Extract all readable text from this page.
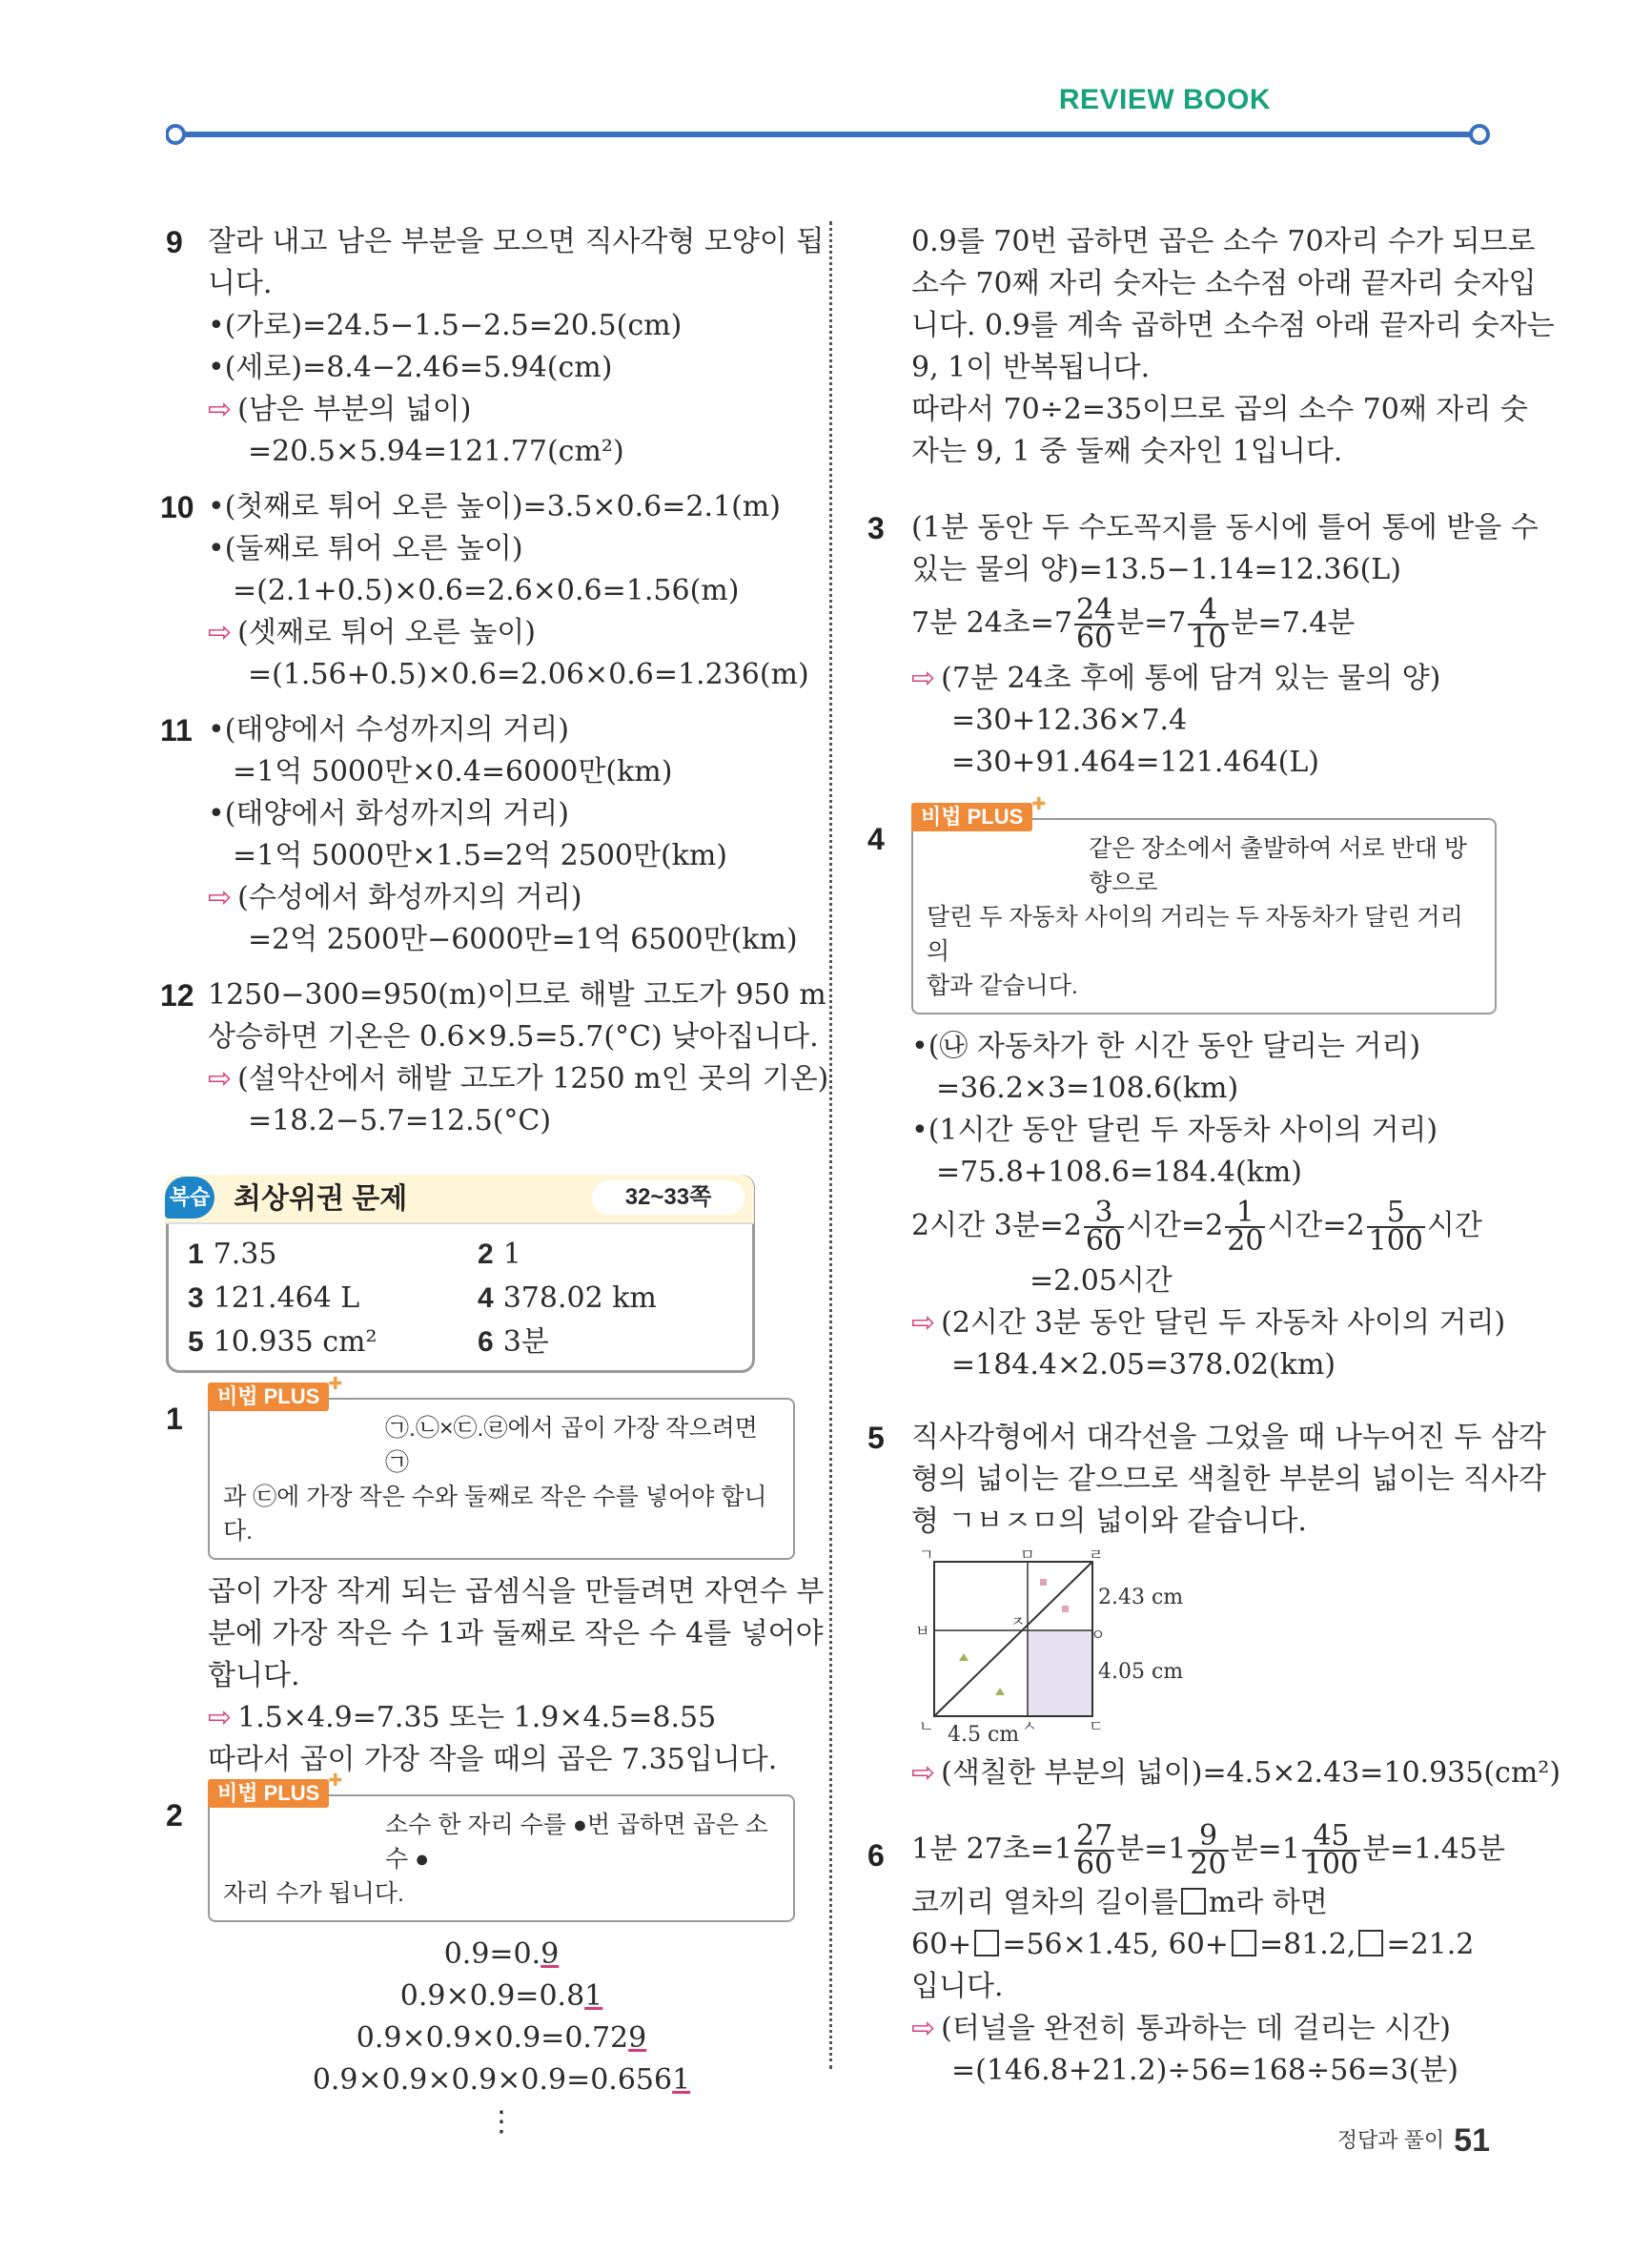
REVIEW BOOK
9 잘라 내고 남은 부분을 모으면 직사각형 모양이 됩
니다.
•(가로)=24.5−1.5−2.5=20.5(cm)
•(세로)=8.4−2.46=5.94(cm)
⇨ (남은 부분의 넓이)
=20.5×5.94=121.77(cm²)
10 •(첫째로 튀어 오른 높이)=3.5×0.6=2.1(m)
•(둘째로 튀어 오른 높이)
=(2.1+0.5)×0.6=2.6×0.6=1.56(m)
⇨ (셋째로 튀어 오른 높이)
=(1.56+0.5)×0.6=2.06×0.6=1.236(m)
11 •(태양에서 수성까지의 거리)
=1억 5000만×0.4=6000만(km)
•(태양에서 화성까지의 거리)
=1억 5000만×1.5=2억 2500만(km)
⇨ (수성에서 화성까지의 거리)
=2억 2500만−6000만=1억 6500만(km)
12 1250−300=950(m)이므로 해발 고도가 950 m
상승하면 기온은 0.6×9.5=5.7(°C) 낮아집니다.
⇨ (설악산에서 해발 고도가 1250 m인 곳의 기온)
=18.2−5.7=12.5(°C)
복습 최상위권 문제	32~33쪽
1 7.35	2 1
3 121.464 L	4 378.02 km
5 10.935 cm²	6 3분
1
비법 PLUS ✚
㉠.㉡×㉢.㉣에서 곱이 가장 작으려면 ㉠
과 ㉢에 가장 작은 수와 둘째로 작은 수를 넣어야 합니다.
곱이 가장 작게 되는 곱셈식을 만들려면 자연수 부
분에 가장 작은 수 1과 둘째로 작은 수 4를 넣어야
합니다.
⇨ 1.5×4.9=7.35 또는 1.9×4.5=8.55
따라서 곱이 가장 작을 때의 곱은 7.35입니다.
2
비법 PLUS ✚
소수 한 자리 수를 ●번 곱하면 곱은 소수 ●
자리 수가 됩니다.
0.9=0.9
0.9×0.9=0.81
0.9×0.9×0.9=0.729
0.9×0.9×0.9×0.9=0.6561
⋮
0.9를 70번 곱하면 곱은 소수 70자리 수가 되므로
소수 70째 자리 숫자는 소수점 아래 끝자리 숫자입
니다. 0.9를 계속 곱하면 소수점 아래 끝자리 숫자는
9, 1이 반복됩니다.
따라서 70÷2=35이므로 곱의 소수 70째 자리 숫
자는 9, 1 중 둘째 숫자인 1입니다.
3 (1분 동안 두 수도꼭지를 동시에 틀어 통에 받을 수
있는 물의 양)=13.5−1.14=12.36(L)
7분 24초$=7 \frac{24}{60}$ 분$=7 \frac{4}{10}$ 분=7.4분
⇨ (7분 24초 후에 통에 담겨 있는 물의 양)
=30+12.36×7.4
=30+91.464=121.464(L)
4
비법 PLUS ✚
같은 장소에서 출발하여 서로 반대 방향으로
달린 두 자동차 사이의 거리는 두 자동차가 달린 거리의
합과 같습니다.
•(㉯ 자동차가 한 시간 동안 달리는 거리)
=36.2×3=108.6(km)
•(1시간 동안 달린 두 자동차 사이의 거리)
=75.8+108.6=184.4(km)
2시간 3분$=2 \frac{3}{60}$ 시간$=2 \frac{1}{20}$ 시간$=2 \frac{5}{100}$ 시간
=2.05시간
⇨ (2시간 3분 동안 달린 두 자동차 사이의 거리)
=184.4×2.05=378.02(km)
5 직사각형에서 대각선을 그었을 때 나누어진 두 삼각
형의 넓이는 같으므로 색칠한 부분의 넓이는 직사각
형 ㄱㅂㅈㅁ의 넓이와 같습니다.
ㄱ	ㅁ	ㄹ
ㅂ
ㅈ
ㅇ
ㄴ	ㅅ	ㄷ
2.43 cm
4.05 cm
4.5 cm
⇨ (색칠한 부분의 넓이)=4.5×2.43=10.935(cm²)
6 1분 27초$=1 \frac{27}{60}$ 분$=1 \frac{9}{20}$ 분$=1 \frac{45}{100}$ 분=1.45분
코끼리 열차의 길이를 m라 하면
60+ =56×1.45, 60+ =81.2, =21.2
입니다.
⇨ (터널을 완전히 통과하는 데 걸리는 시간)
=(146.8+21.2)÷56=168÷56=3(분)
정답과 풀이 51
